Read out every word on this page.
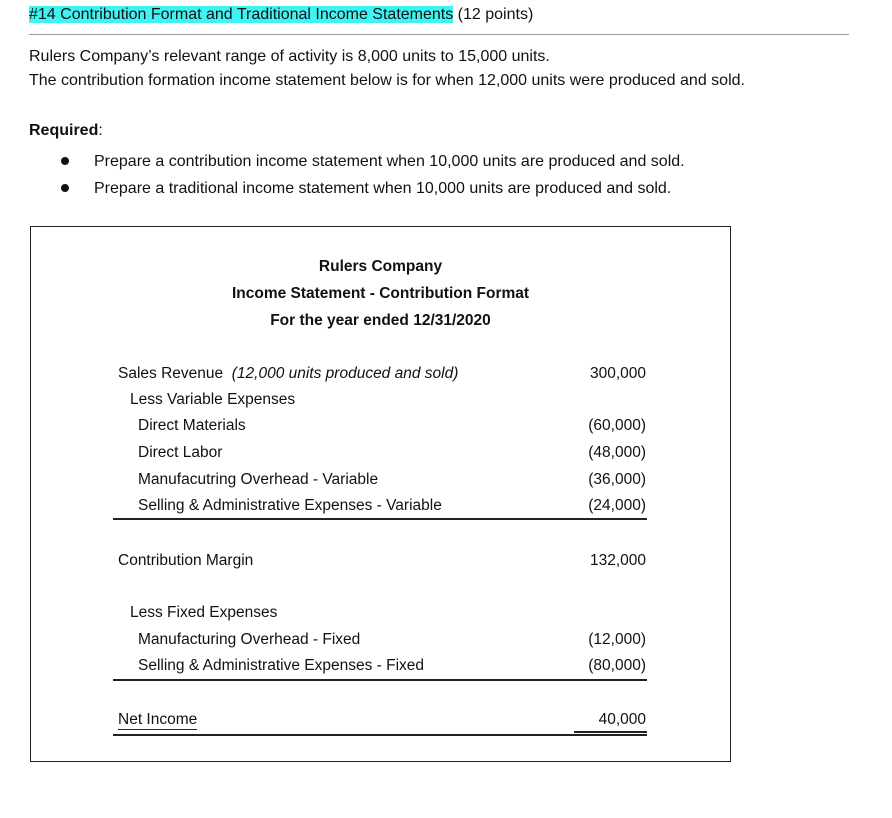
#14 Contribution Format and Traditional Income Statements (12 points)
Rulers Company’s relevant range of activity is 8,000 units to 15,000 units.
The contribution formation income statement below is for when 12,000 units were produced and sold.
Required:
Prepare a contribution income statement when 10,000 units are produced and sold.
Prepare a traditional income statement when 10,000 units are produced and sold.
Rulers Company
Income Statement - Contribution Format
For the year ended 12/31/2020
Sales Revenue (12,000 units produced and sold)
Less Variable Expenses
Direct Materials
Direct Labor
Manufacutring Overhead - Variable
Selling & Administrative Expenses - Variable
Contribution Margin
Less Fixed Expenses
Manufacturing Overhead - Fixed
Selling & Administrative Expenses - Fixed
Net Income
300,000
(60,000)
(48,000)
(36,000)
(24,000)
132,000
(12,000)
(80,000)
40,000
